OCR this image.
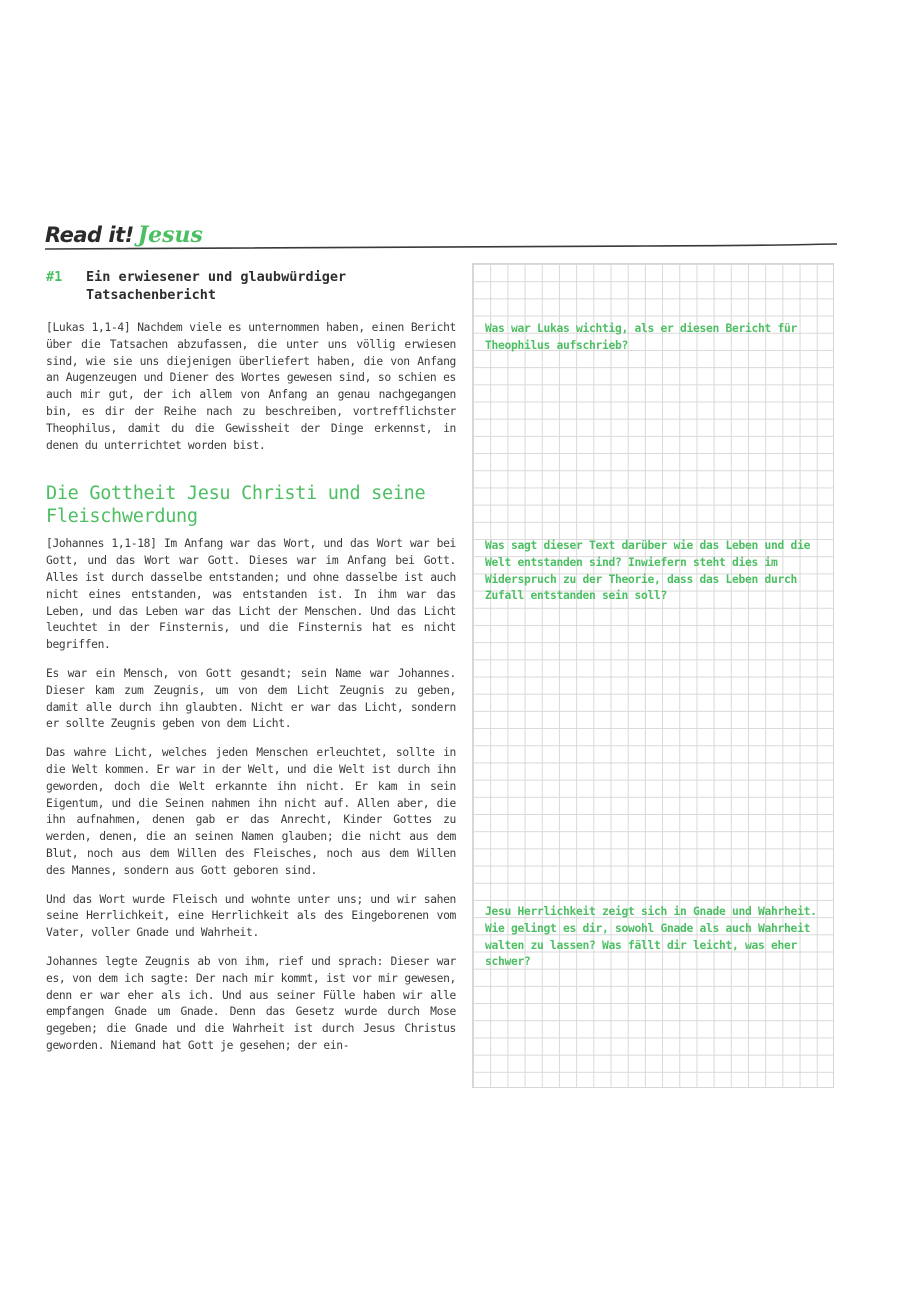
Read it! Jesus
#1	Ein erwiesener und glaubwürdiger
Tatsachenbericht

[Lukas 1,1-4] Nachdem viele es unternommen haben, einen Bericht über die Tatsachen abzufassen, die unter uns völlig erwiesen sind, wie sie uns diejenigen überliefert haben, die von Anfang an Augenzeugen und Diener des Wortes gewesen sind, so schien es auch mir gut, der ich allem von Anfang an genau nachgegangen bin, es dir der Reihe nach zu beschreiben, vortrefflichster Theophilus, damit du die Gewissheit der Dinge erkennst, in denen du unterrichtet worden bist.

Die Gottheit Jesu Christi und seine Fleischwerdung

[Johannes 1,1-18] Im Anfang war das Wort, und das Wort war bei Gott, und das Wort war Gott. Dieses war im Anfang bei Gott. Alles ist durch dasselbe entstanden; und ohne dasselbe ist auch nicht eines entstanden, was entstanden ist. In ihm war das Leben, und das Leben war das Licht der Menschen. Und das Licht leuchtet in der Finsternis, und die Finsternis hat es nicht begriffen.

Es war ein Mensch, von Gott gesandt; sein Name war Johannes. Dieser kam zum Zeugnis, um von dem Licht Zeugnis zu geben, damit alle durch ihn glaubten. Nicht er war das Licht, sondern er sollte Zeugnis geben von dem Licht.

Das wahre Licht, welches jeden Menschen erleuchtet, sollte in die Welt kommen. Er war in der Welt, und die Welt ist durch ihn geworden, doch die Welt erkannte ihn nicht. Er kam in sein Eigentum, und die Seinen nahmen ihn nicht auf. Allen aber, die ihn aufnahmen, denen gab er das Anrecht, Kinder Gottes zu werden, denen, die an seinen Namen glauben; die nicht aus dem Blut, noch aus dem Willen des Fleisches, noch aus dem Willen des Mannes, sondern aus Gott geboren sind.

Und das Wort wurde Fleisch und wohnte unter uns; und wir sahen seine Herrlichkeit, eine Herrlichkeit als des Eingeborenen vom Vater, voller Gnade und Wahrheit.

Johannes legte Zeugnis ab von ihm, rief und sprach: Dieser war es, von dem ich sagte: Der nach mir kommt, ist vor mir gewesen, denn er war eher als ich. Und aus seiner Fülle haben wir alle empfangen Gnade um Gnade. Denn das Gesetz wurde durch Mose gegeben; die Gnade und die Wahrheit ist durch Jesus Christus geworden. Niemand hat Gott je gesehen; der ein-

Was war Lukas wichtig, als er diesen Bericht für Theophilus aufschrieb?
Was sagt dieser Text darüber wie das Leben und die Welt entstanden sind? Inwiefern steht dies im Widerspruch zu der Theorie, dass das Leben durch Zufall entstanden sein soll?
Jesu Herrlichkeit zeigt sich in Gnade und Wahrheit. Wie gelingt es dir, sowohl Gnade als auch Wahrheit walten zu lassen? Was fällt dir leicht, was eher schwer?
